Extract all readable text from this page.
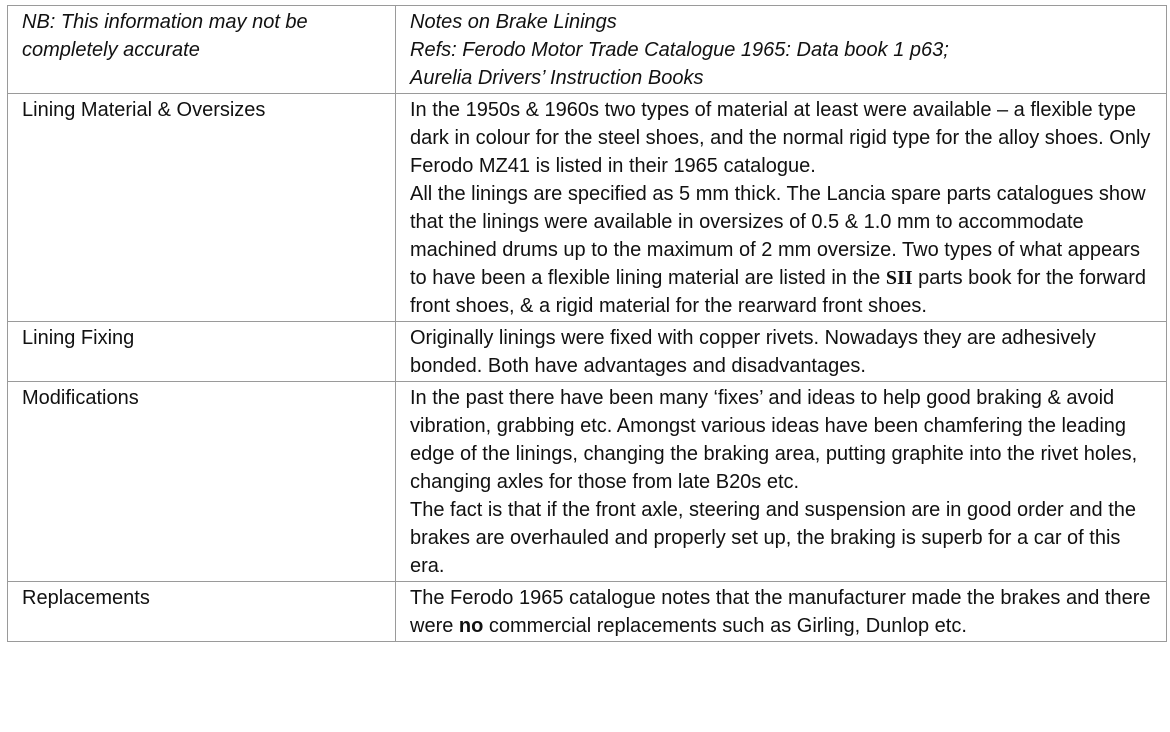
NB: This information may not be
completely accurate	Notes on Brake Linings
Refs: Ferodo Motor Trade Catalogue 1965: Data book 1 p63;
Aurelia Drivers’ Instruction Books

Lining Material & Oversizes	In the 1950s & 1960s two types of material at least were available – a flexible type dark in colour for the steel shoes, and the normal rigid type for the alloy shoes. Only Ferodo MZ41 is listed in their 1965 catalogue.
All the linings are specified as 5 mm thick. The Lancia spare parts catalogues show that the linings were available in oversizes of 0.5 & 1.0 mm to accommodate machined drums up to the maximum of 2 mm oversize. Two types of what appears to have been a flexible lining material are listed in the SII parts book for the forward front shoes, & a rigid material for the rearward front shoes.

Lining Fixing	Originally linings were fixed with copper rivets. Nowadays they are adhesively bonded. Both have advantages and disadvantages.
Modifications	In the past there have been many ‘fixes’ and ideas to help good braking & avoid vibration, grabbing etc. Amongst various ideas have been chamfering the leading edge of the linings, changing the braking area, putting graphite into the rivet holes, changing axles for those from late B20s etc.
The fact is that if the front axle, steering and suspension are in good order and the brakes are overhauled and properly set up, the braking is superb for a car of this era.

Replacements	The Ferodo 1965 catalogue notes that the manufacturer made the brakes and there were no commercial replacements such as Girling, Dunlop etc.
